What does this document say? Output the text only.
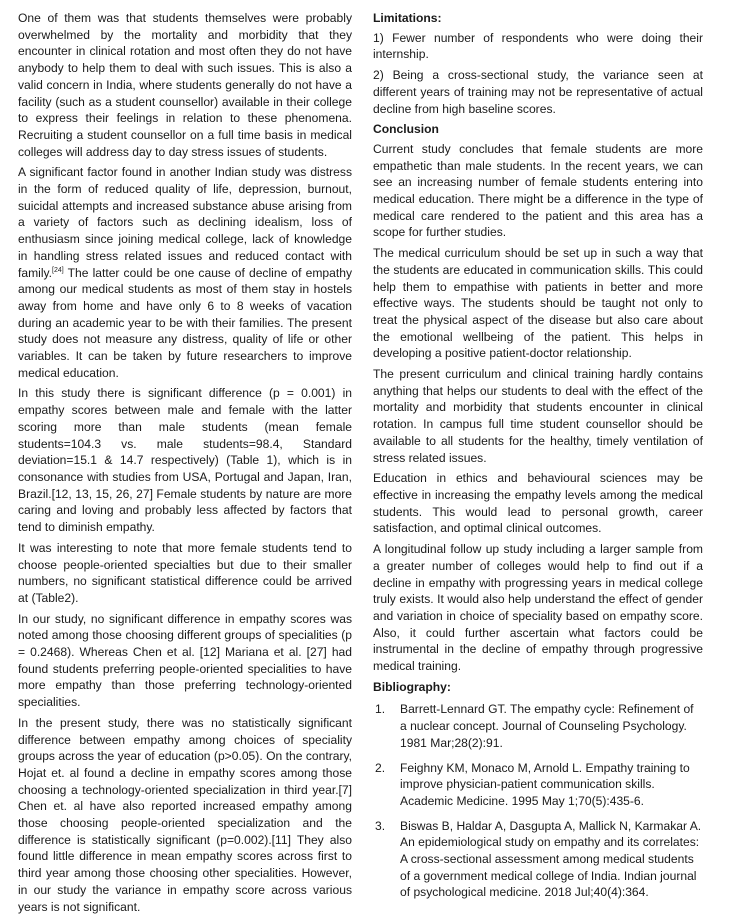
One of them was that students themselves were probably overwhelmed by the mortality and morbidity that they encounter in clinical rotation and most often they do not have anybody to help them to deal with such issues. This is also a valid concern in India, where students generally do not have a facility (such as a student counsellor) available in their college to express their feelings in relation to these phenomena. Recruiting a student counsellor on a full time basis in medical colleges will address day to day stress issues of students.

A significant factor found in another Indian study was distress in the form of reduced quality of life, depression, burnout, suicidal attempts and increased substance abuse arising from a variety of factors such as declining idealism, loss of enthusiasm since joining medical college, lack of knowledge in handling stress related issues and reduced contact with family.[24] The latter could be one cause of decline of empathy among our medical students as most of them stay in hostels away from home and have only 6 to 8 weeks of vacation during an academic year to be with their families. The present study does not measure any distress, quality of life or other variables. It can be taken by future researchers to improve medical education.

In this study there is significant difference (p = 0.001) in empathy scores between male and female with the latter scoring more than male students (mean female students=104.3 vs. male students=98.4, Standard deviation=15.1 & 14.7 respectively) (Table 1), which is in consonance with studies from USA, Portugal and Japan, Iran, Brazil.[12, 13, 15, 26, 27] Female students by nature are more caring and loving and probably less affected by factors that tend to diminish empathy.

It was interesting to note that more female students tend to choose people-oriented specialties but due to their smaller numbers, no significant statistical difference could be arrived at (Table2).

In our study, no significant difference in empathy scores was noted among those choosing different groups of specialities (p = 0.2468). Whereas Chen et al. [12] Mariana et al. [27] had found students preferring people-oriented specialities to have more empathy than those preferring technology-oriented specialities.

In the present study, there was no statistically significant difference between empathy among choices of speciality groups across the year of education (p>0.05). On the contrary, Hojat et. al found a decline in empathy scores among those choosing a technology-oriented specialization in third year.[7] Chen et. al have also reported increased empathy among those choosing people-oriented specialization and the difference is statistically significant (p=0.002).[11] They also found little difference in mean empathy scores across first to third year among those choosing other specialities. However, in our study the variance in empathy score across various years is not significant.

Limitations:

1) Fewer number of respondents who were doing their internship.

2) Being a cross-sectional study, the variance seen at different years of training may not be representative of actual decline from high baseline scores.

Conclusion

Current study concludes that female students are more empathetic than male students. In the recent years, we can see an increasing number of female students entering into medical education. There might be a difference in the type of medical care rendered to the patient and this area has a scope for further studies.

The medical curriculum should be set up in such a way that the students are educated in communication skills. This could help them to empathise with patients in better and more effective ways. The students should be taught not only to treat the physical aspect of the disease but also care about the emotional wellbeing of the patient. This helps in developing a positive patient-doctor relationship.

The present curriculum and clinical training hardly contains anything that helps our students to deal with the effect of the mortality and morbidity that students encounter in clinical rotation. In campus full time student counsellor should be available to all students for the healthy, timely ventilation of stress related issues.

Education in ethics and behavioural sciences may be effective in increasing the empathy levels among the medical students. This would lead to personal growth, career satisfaction, and optimal clinical outcomes.

A longitudinal follow up study including a larger sample from a greater number of colleges would help to find out if a decline in empathy with progressing years in medical college truly exists. It would also help understand the effect of gender and variation in choice of speciality based on empathy score. Also, it could further ascertain what factors could be instrumental in the decline of empathy through progressive medical training.

Bibliography:
1. Barrett-Lennard GT. The empathy cycle: Refinement of a nuclear concept. Journal of Counseling Psychology. 1981 Mar;28(2):91.
2. Feighny KM, Monaco M, Arnold L. Empathy training to improve physician-patient communication skills. Academic Medicine. 1995 May 1;70(5):435-6.
3. Biswas B, Haldar A, Dasgupta A, Mallick N, Karmakar A. An epidemiological study on empathy and its correlates: A cross-sectional assessment among medical students of a government medical college of India. Indian journal of psychological medicine. 2018 Jul;40(4):364.
